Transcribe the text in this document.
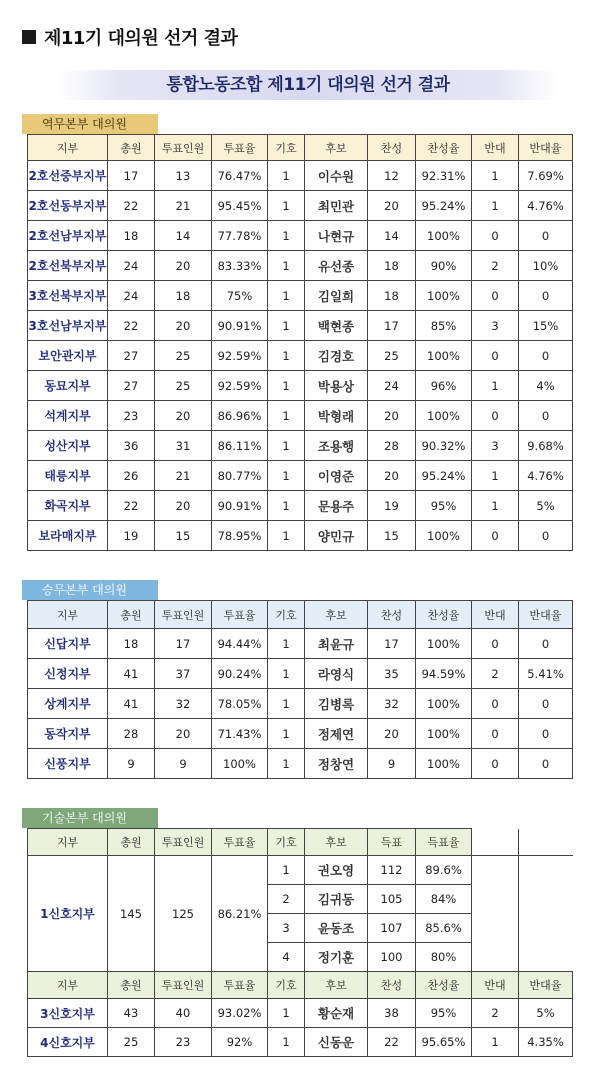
제11기 대의원 선거 결과
통합노동조합 제11기 대의원 선거 결과
역무본부 대의원
지부	총원	투표인원	투표율	기호	후보	찬성	찬성율	반대	반대율
2호선중부지부	17	13	76.47%	1	이수원	12	92.31%	1	7.69%
2호선동부지부	22	21	95.45%	1	최민관	20	95.24%	1	4.76%
2호선남부지부	18	14	77.78%	1	나현규	14	100%	0	0
2호선북부지부	24	20	83.33%	1	유선종	18	90%	2	10%
3호선북부지부	24	18	75%	1	김일희	18	100%	0	0
3호선남부지부	22	20	90.91%	1	백현종	17	85%	3	15%
보안관지부	27	25	92.59%	1	김경호	25	100%	0	0
동묘지부	27	25	92.59%	1	박용상	24	96%	1	4%
석계지부	23	20	86.96%	1	박형래	20	100%	0	0
성산지부	36	31	86.11%	1	조용행	28	90.32%	3	9.68%
태릉지부	26	21	80.77%	1	이영준	20	95.24%	1	4.76%
화곡지부	22	20	90.91%	1	문용주	19	95%	1	5%
보라매지부	19	15	78.95%	1	양민규	15	100%	0	0
승무본부 대의원
지부	총원	투표인원	투표율	기호	후보	찬성	찬성율	반대	반대율
신답지부	18	17	94.44%	1	최윤규	17	100%	0	0
신정지부	41	37	90.24%	1	라영식	35	94.59%	2	5.41%
상계지부	41	32	78.05%	1	김병록	32	100%	0	0
동작지부	28	20	71.43%	1	정제연	20	100%	0	0
신풍지부	9	9	100%	1	정창연	9	100%	0	0
기술본부 대의원
지부	총원	투표인원	투표율	기호	후보	득표	득표율		
1신호지부	145	125	86.21%	1	권오영	112	89.6%		
				2	김귀동	105	84%		
				3	윤동조	107	85.6%		
				4	정기훈	100	80%		
지부	총원	투표인원	투표율	기호	후보	찬성	찬성율	반대	반대율
3신호지부	43	40	93.02%	1	황순재	38	95%	2	5%
4신호지부	25	23	92%	1	신동운	22	95.65%	1	4.35%
